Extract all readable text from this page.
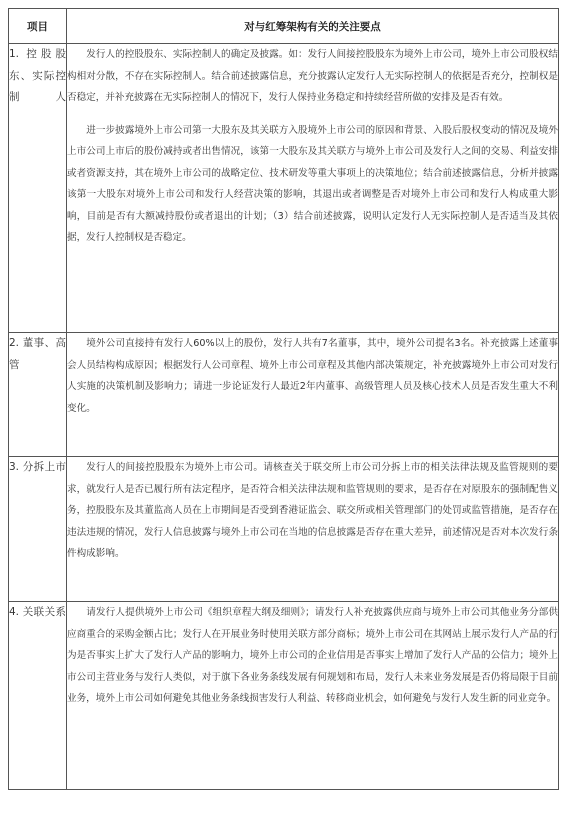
项目	对与红筹架构有关的关注要点
1. 控股股东、实际控制人	发行人的控股股东、实际控制人的确定及披露。如：发行人间接控股股东为境外上市公司，境外上市公司股权结构相对分散，不存在实际控制人。结合前述披露信息，充分披露认定发行人无实际控制人的依据是否充分，控制权是否稳定，并补充披露在无实际控制人的情况下，发行人保持业务稳定和持续经营所做的安排及是否有效。

进一步披露境外上市公司第一大股东及其关联方入股境外上市公司的原因和背景、入股后股权变动的情况及境外上市公司上市后的股份减持或者出售情况，该第一大股东及其关联方与境外上市公司及发行人之间的交易、利益安排或者资源支持，其在境外上市公司的战略定位、技术研发等重大事项上的决策地位；结合前述披露信息，分析并披露该第一大股东对境外上市公司和发行人经营决策的影响，其退出或者调整是否对境外上市公司和发行人构成重大影响，目前是否有大额减持股份或者退出的计划；（3）结合前述披露，说明认定发行人无实际控制人是否适当及其依据，发行人控制权是否稳定。

2. 董事、高管	境外公司直接持有发行人60%以上的股份，发行人共有7名董事，其中，境外公司提名3名。补充披露上述董事会人员结构构成原因；根据发行人公司章程、境外上市公司章程及其他内部决策规定，补充披露境外上市公司对发行人实施的决策机制及影响力；请进一步论证发行人最近2年内董事、高级管理人员及核心技术人员是否发生重大不利变化。

3. 分拆上市	发行人的间接控股股东为境外上市公司。请核查关于联交所上市公司分拆上市的相关法律法规及监管规则的要求，就发行人是否已履行所有法定程序，是否符合相关法律法规和监管规则的要求，是否存在对原股东的强制配售义务，控股股东及其董监高人员在上市期间是否受到香港证监会、联交所或相关管理部门的处罚或监管措施，是否存在违法违规的情况，发行人信息披露与境外上市公司在当地的信息披露是否存在重大差异，前述情况是否对本次发行条件构成影响。

4. 关联关系	请发行人提供境外上市公司《组织章程大纲及细则》；请发行人补充披露供应商与境外上市公司其他业务分部供应商重合的采购金额占比；发行人在开展业务时使用关联方部分商标；境外上市公司在其网站上展示发行人产品的行为是否事实上扩大了发行人产品的影响力，境外上市公司的企业信用是否事实上增加了发行人产品的公信力；境外上市公司主营业务与发行人类似，对于旗下各业务条线发展有何规划和布局，发行人未来业务发展是否仍将局限于目前业务，境外上市公司如何避免其他业务条线损害发行人利益、转移商业机会，如何避免与发行人发生新的同业竞争。
